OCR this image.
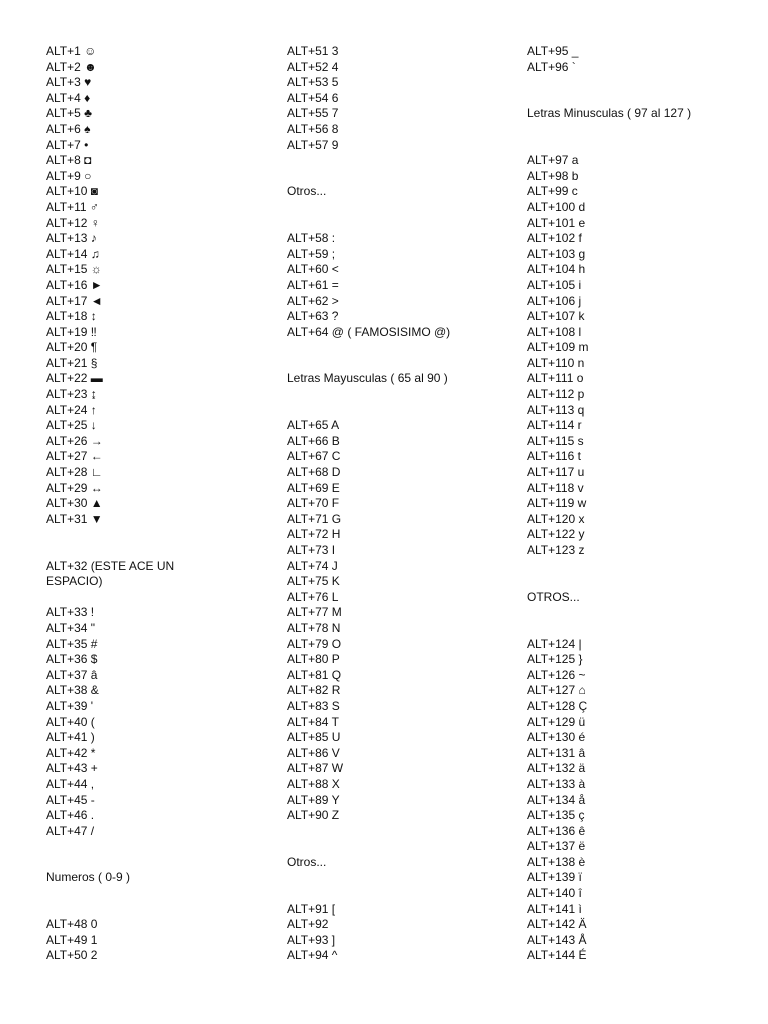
ALT+1 ☺
ALT+2 ☻
ALT+3 ♥
ALT+4 ♦
ALT+5 ♣
ALT+6 ♠
ALT+7 •
ALT+8 ◘
ALT+9 ○
ALT+10 ◙
ALT+11 ♂
ALT+12 ♀
ALT+13 ♪
ALT+14 ♫
ALT+15 ☼
ALT+16 ►
ALT+17 ◄
ALT+18 ↕
ALT+19 ‼
ALT+20 ¶
ALT+21 §
ALT+22 ▬
ALT+23 ↨
ALT+24 ↑
ALT+25 ↓
ALT+26 →
ALT+27 ←
ALT+28 ∟
ALT+29 ↔
ALT+30 ▲
ALT+31 ▼
ALT+32 (ESTE ACE UN
ESPACIO)
ALT+33 !
ALT+34 "
ALT+35 #
ALT+36 $
ALT+37 â
ALT+38 &
ALT+39 '
ALT+40 (
ALT+41 )
ALT+42 *
ALT+43 +
ALT+44 ,
ALT+45 -
ALT+46 .
ALT+47 /
Numeros ( 0-9 )
ALT+48 0
ALT+49 1
ALT+50 2
ALT+51 3
ALT+52 4
ALT+53 5
ALT+54 6
ALT+55 7
ALT+56 8
ALT+57 9
Otros...
ALT+58 :
ALT+59 ;
ALT+60 <
ALT+61 =
ALT+62 >
ALT+63 ?
ALT+64 @ ( FAMOSISIMO @)
Letras Mayusculas ( 65 al 90 )
ALT+65 A
ALT+66 B
ALT+67 C
ALT+68 D
ALT+69 E
ALT+70 F
ALT+71 G
ALT+72 H
ALT+73 I
ALT+74 J
ALT+75 K
ALT+76 L
ALT+77 M
ALT+78 N
ALT+79 O
ALT+80 P
ALT+81 Q
ALT+82 R
ALT+83 S
ALT+84 T
ALT+85 U
ALT+86 V
ALT+87 W
ALT+88 X
ALT+89 Y
ALT+90 Z
Otros...
ALT+91 [
ALT+92
ALT+93 ]
ALT+94 ^
ALT+95 _
ALT+96 `
Letras Minusculas ( 97 al 127 )
ALT+97 a
ALT+98 b
ALT+99 c
ALT+100 d
ALT+101 e
ALT+102 f
ALT+103 g
ALT+104 h
ALT+105 i
ALT+106 j
ALT+107 k
ALT+108 l
ALT+109 m
ALT+110 n
ALT+111 o
ALT+112 p
ALT+113 q
ALT+114 r
ALT+115 s
ALT+116 t
ALT+117 u
ALT+118 v
ALT+119 w
ALT+120 x
ALT+122 y
ALT+123 z
OTROS...
ALT+124 |
ALT+125 }
ALT+126 ~
ALT+127 ⌂
ALT+128 Ç
ALT+129 ü
ALT+130 é
ALT+131 â
ALT+132 ä
ALT+133 à
ALT+134 å
ALT+135 ç
ALT+136 ê
ALT+137 ë
ALT+138 è
ALT+139 ï
ALT+140 î
ALT+141 ì
ALT+142 Ä
ALT+143 Å
ALT+144 É
